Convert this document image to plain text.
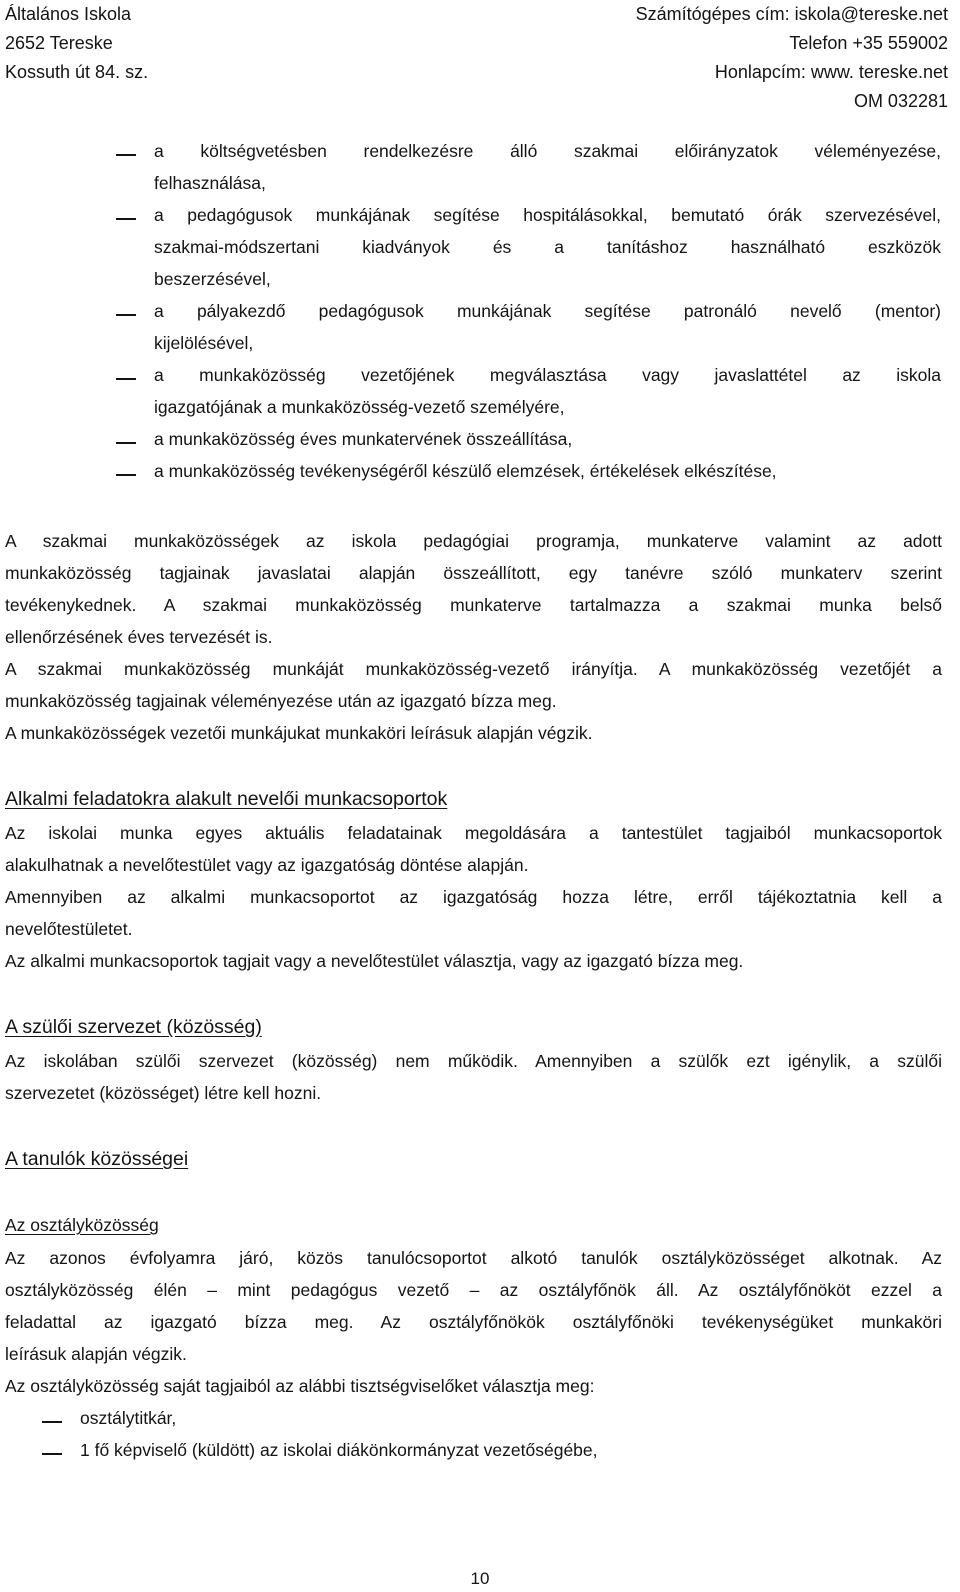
Általános Iskola
2652 Tereske
Kossuth út 84. sz.
Számítógépes cím: iskola@tereske.net
Telefon +35 559002
Honlapcím: www. tereske.net
OM 032281
a költségvetésben rendelkezésre álló szakmai előirányzatok véleményezése,
felhasználása,
a pedagógusok munkájának segítése hospitálásokkal, bemutató órák szervezésével,
szakmai-módszertani kiadványok és a tanításhoz használható eszközök
beszerzésével,
a pályakezdő pedagógusok munkájának segítése patronáló nevelő (mentor)
kijelölésével,
a munkaközösség vezetőjének megválasztása vagy javaslattétel az iskola
igazgatójának a munkaközösség-vezető személyére,
a munkaközösség éves munkatervének összeállítása,
a munkaközösség tevékenységéről készülő elemzések, értékelések elkészítése,
A szakmai munkaközösségek az iskola pedagógiai programja, munkaterve valamint az adott
munkaközösség tagjainak javaslatai alapján összeállított, egy tanévre szóló munkaterv szerint
tevékenykednek. A szakmai munkaközösség munkaterve tartalmazza a szakmai munka belső
ellenőrzésének éves tervezését is.
A szakmai munkaközösség munkáját munkaközösség-vezető irányítja. A munkaközösség vezetőjét a
munkaközösség tagjainak véleményezése után az igazgató bízza meg.
A munkaközösségek vezetői munkájukat munkaköri leírásuk alapján végzik.
Alkalmi feladatokra alakult nevelői munkacsoportok
Az iskolai munka egyes aktuális feladatainak megoldására a tantestület tagjaiból munkacsoportok
alakulhatnak a nevelőtestület vagy az igazgatóság döntése alapján.
Amennyiben az alkalmi munkacsoportot az igazgatóság hozza létre, erről tájékoztatnia kell a
nevelőtestületet.
Az alkalmi munkacsoportok tagjait vagy a nevelőtestület választja, vagy az igazgató bízza meg.
A szülői szervezet (közösség)
Az iskolában szülői szervezet (közösség) nem működik. Amennyiben a szülők ezt igénylik, a szülői
szervezetet (közösséget) létre kell hozni.
A tanulók közösségei
Az osztályközösség
Az azonos évfolyamra járó, közös tanulócsoportot alkotó tanulók osztályközösséget alkotnak. Az
osztályközösség élén – mint pedagógus vezető – az osztályfőnök áll. Az osztályfőnököt ezzel a
feladattal az igazgató bízza meg. Az osztályfőnökök osztályfőnöki tevékenységüket munkaköri
leírásuk alapján végzik.
Az osztályközösség saját tagjaiból az alábbi tisztségviselőket választja meg:
osztálytitkár,
1 fő képviselő (küldött) az iskolai diákönkormányzat vezetőségébe,
10
